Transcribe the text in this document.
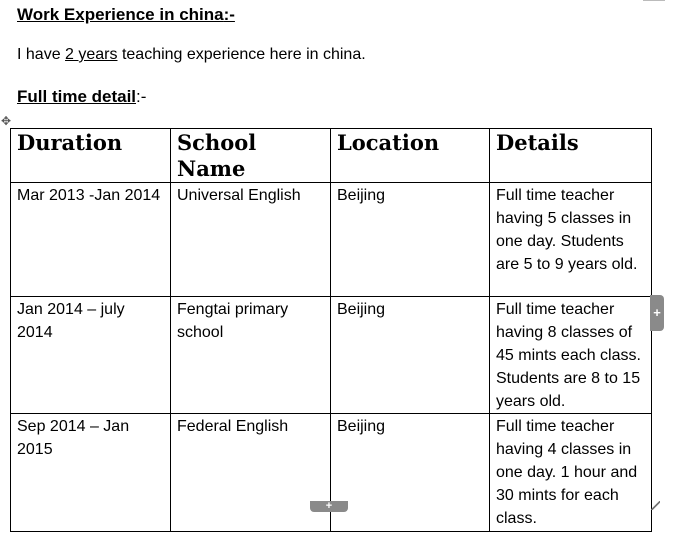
Work Experience in china:-
I have 2 years teaching experience here in china.
Full time detail:-
✥
Duration	School Name	Location	Details
Mar 2013 -Jan 2014	Universal English	Beijing	Full time teacher having 5 classes in one day. Students are 5 to 9 years old.
Jan 2014 – july 2014	Fengtai primary school	Beijing	Full time teacher having 8 classes of 45 mints each class. Students are 8 to 15 years old.
Sep 2014 – Jan 2015	Federal English	Beijing	Full time teacher having 4 classes in one day. 1 hour and 30 mints for each class.
+
+
